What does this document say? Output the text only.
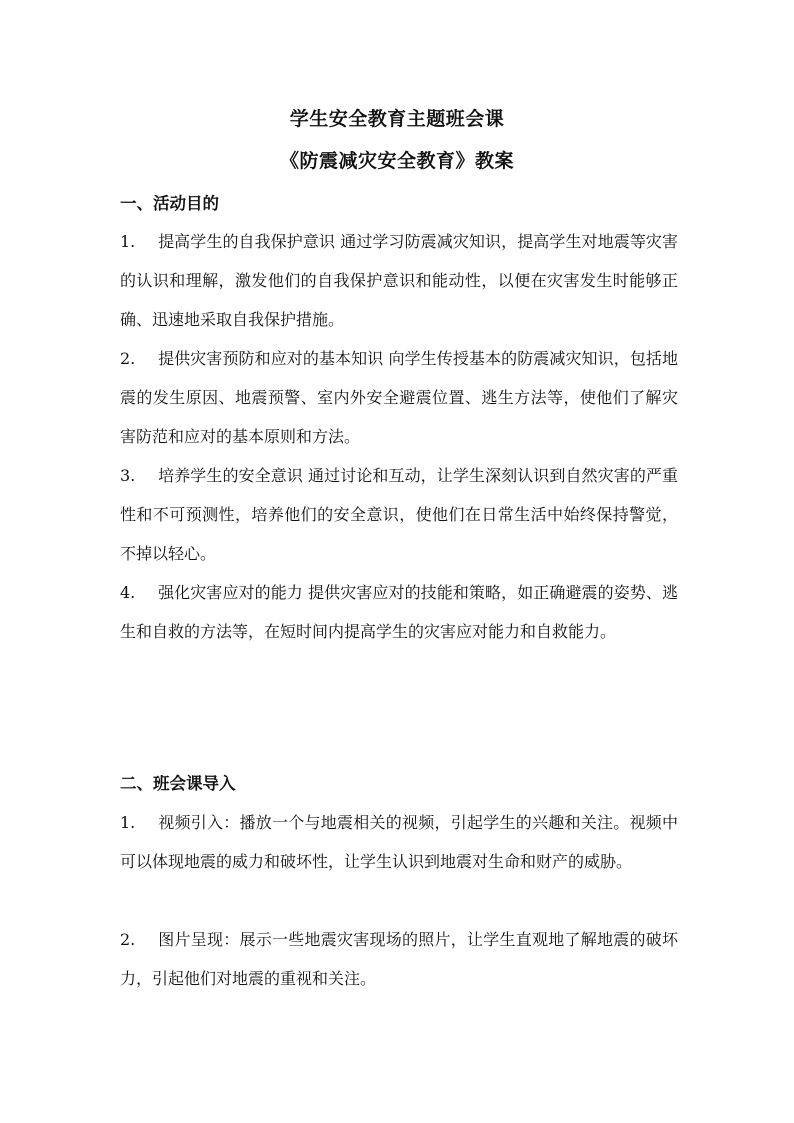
学生安全教育主题班会课
《防震减灾安全教育》教案
一、活动目的

1. 提高学生的自我保护意识 通过学习防震减灾知识，提高学生对地震等灾害的认识和理解，激发他们的自我保护意识和能动性，以便在灾害发生时能够正确、迅速地采取自我保护措施。

2. 提供灾害预防和应对的基本知识 向学生传授基本的防震减灾知识，包括地震的发生原因、地震预警、室内外安全避震位置、逃生方法等，使他们了解灾害防范和应对的基本原则和方法。

3. 培养学生的安全意识 通过讨论和互动，让学生深刻认识到自然灾害的严重性和不可预测性，培养他们的安全意识，使他们在日常生活中始终保持警觉，不掉以轻心。

4. 强化灾害应对的能力 提供灾害应对的技能和策略，如正确避震的姿势、逃生和自救的方法等，在短时间内提高学生的灾害应对能力和自救能力。

二、班会课导入

1. 视频引入：播放一个与地震相关的视频，引起学生的兴趣和关注。视频中可以体现地震的威力和破坏性，让学生认识到地震对生命和财产的威胁。

2. 图片呈现：展示一些地震灾害现场的照片，让学生直观地了解地震的破坏力，引起他们对地震的重视和关注。
